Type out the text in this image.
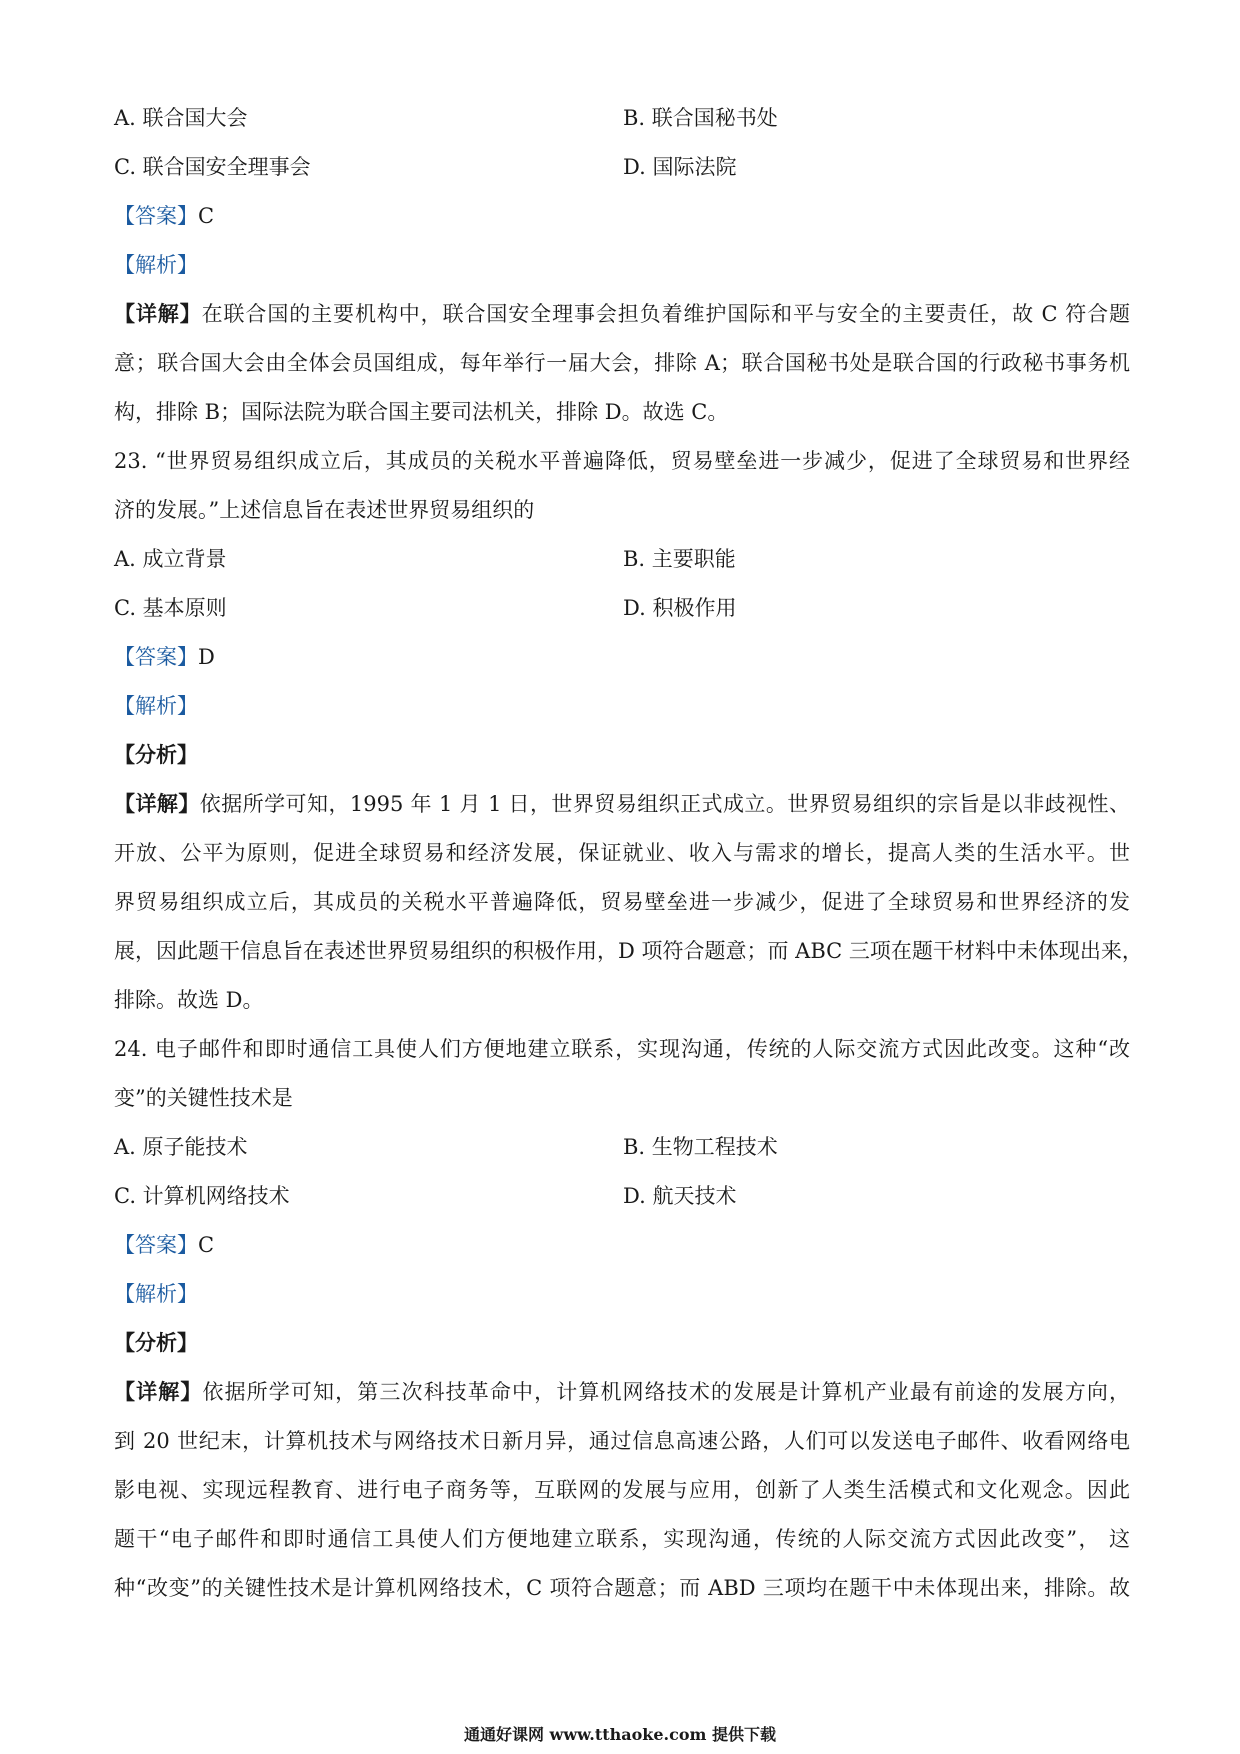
A. 联合国大会	B. 联合国秘书处
C. 联合国安全理事会	D. 国际法院
【答案】C
【解析】
【详解】在联合国的主要机构中，联合国安全理事会担负着维护国际和平与安全的主要责任，故 C 符合题
意；联合国大会由全体会员国组成，每年举行一届大会，排除 A；联合国秘书处是联合国的行政秘书事务机
构，排除 B；国际法院为联合国主要司法机关，排除 D。故选 C。
23. “世界贸易组织成立后，其成员的关税水平普遍降低，贸易壁垒进一步减少，促进了全球贸易和世界经
济的发展。”上述信息旨在表述世界贸易组织的
A. 成立背景	B. 主要职能
C. 基本原则	D. 积极作用
【答案】D
【解析】
【分析】
【详解】依据所学可知，1995 年 1 月 1 日，世界贸易组织正式成立。世界贸易组织的宗旨是以非歧视性、
开放、公平为原则，促进全球贸易和经济发展，保证就业、收入与需求的增长，提高人类的生活水平。世
界贸易组织成立后，其成员的关税水平普遍降低，贸易壁垒进一步减少，促进了全球贸易和世界经济的发
展，因此题干信息旨在表述世界贸易组织的积极作用，D 项符合题意；而 ABC 三项在题干材料中未体现出来，
排除。故选 D。
24. 电子邮件和即时通信工具使人们方便地建立联系，实现沟通，传统的人际交流方式因此改变。这种“改
变”的关键性技术是
A. 原子能技术	B. 生物工程技术
C. 计算机网络技术	D. 航天技术
【答案】C
【解析】
【分析】
【详解】依据所学可知，第三次科技革命中，计算机网络技术的发展是计算机产业最有前途的发展方向，
到 20 世纪末，计算机技术与网络技术日新月异，通过信息高速公路，人们可以发送电子邮件、收看网络电
影电视、实现远程教育、进行电子商务等，互联网的发展与应用，创新了人类生活模式和文化观念。因此
题干“电子邮件和即时通信工具使人们方便地建立联系，实现沟通，传统的人际交流方式因此改变”， 这
种“改变”的关键性技术是计算机网络技术，C 项符合题意；而 ABD 三项均在题干中未体现出来，排除。故
通通好课网 www.tthaoke.com 提供下载
